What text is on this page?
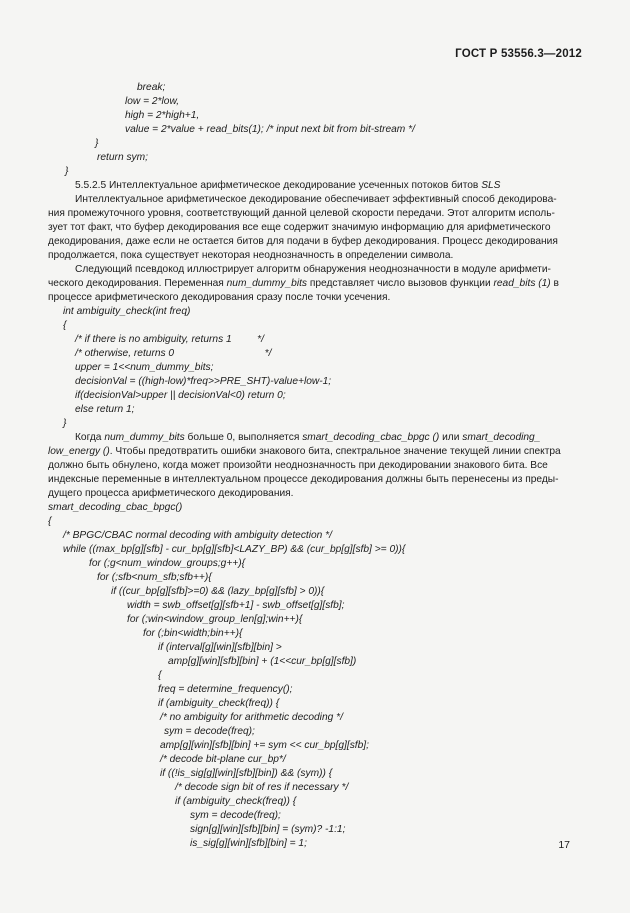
ГОСТ Р 53556.3—2012
break;
low = 2*low,
high = 2*high+1,
value = 2*value + read_bits(1); /* input next bit from bit-stream */
}
return sym;
}
5.5.2.5 Интеллектуальное арифметическое декодирование усеченных потоков битов SLS
Интеллектуальное арифметическое декодирование обеспечивает эффективный способ декодирова-
ния промежуточного уровня, соответствующий данной целевой скорости передачи. Этот алгоритм исполь-
зует тот факт, что буфер декодирования все еще содержит значимую информацию для арифметического
декодирования, даже если не остается битов для подачи в буфер декодирования. Процесс декодирования
продолжается, пока существует некоторая неоднозначность в определении символа.
Следующий псевдокод иллюстрирует алгоритм обнаружения неоднозначности в модуле арифмети-
ческого декодирования. Переменная num_dummy_bits представляет число вызовов функции read_bits (1) в
процессе арифметического декодирования сразу после точки усечения.
int ambiguity_check(int freq)
{
/* if there is no ambiguity, returns 1         */
/* otherwise, returns 0                                */
upper = 1<<num_dummy_bits;
decisionVal = ((high-low)*freq>>PRE_SHT)-value+low-1;
if(decisionVal>upper || decisionVal<0) return 0;
else return 1;
}
Когда num_dummy_bits больше 0, выполняется smart_decoding_cbac_bpgc () или smart_decoding_
low_energy (). Чтобы предотвратить ошибки знакового бита, спектральное значение текущей линии спектра
должно быть обнулено, когда может произойти неоднозначность при декодировании знакового бита. Все
индексные переменные в интеллектуальном процессе декодирования должны быть перенесены из преды-
дущего процесса арифметического декодирования.
smart_decoding_cbac_bpgc()
{
/* BPGC/CBAC normal decoding with ambiguity detection */
while ((max_bp[g][sfb] - cur_bp[g][sfb]<LAZY_BP) && (cur_bp[g][sfb] >= 0)){
for (;g<num_window_groups;g++){
for (;sfb<num_sfb;sfb++){
if ((cur_bp[g][sfb]>=0) && (lazy_bp[g][sfb] > 0)){
width = swb_offset[g][sfb+1] - swb_offset[g][sfb];
for (;win<window_group_len[g];win++){
for (;bin<width;bin++){
if (interval[g][win][sfb][bin] >
amp[g][win][sfb][bin] + (1<<cur_bp[g][sfb])
{
freq = determine_frequency();
if (ambiguity_check(freq)) {
/* no ambiguity for arithmetic decoding */
sym = decode(freq);
amp[g][win][sfb][bin] += sym << cur_bp[g][sfb];
/* decode bit-plane cur_bp*/
if ((!is_sig[g][win][sfb][bin]) && (sym)) {
/* decode sign bit of res if necessary */
if (ambiguity_check(freq)) {
sym = decode(freq);
sign[g][win][sfb][bin] = (sym)? -1:1;
is_sig[g][win][sfb][bin] = 1;	17
